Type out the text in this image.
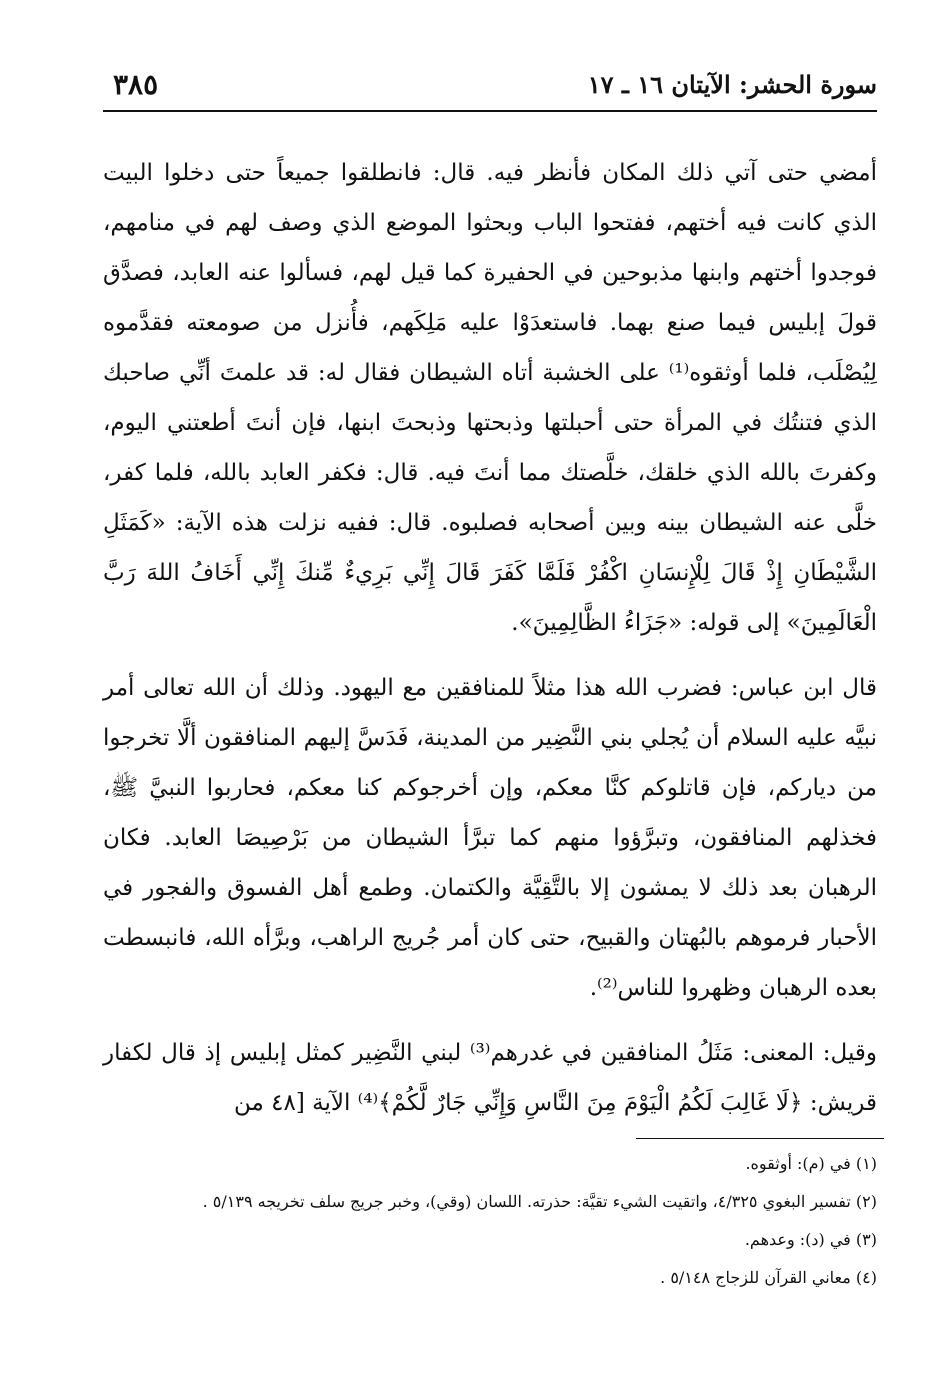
سورة الحشر: الآيتان ١٦ ـ ١٧
٣٨٥

أمضي حتى آتي ذلك المكان فأنظر فيه. قال: فانطلقوا جميعاً حتى دخلوا البيت الذي كانت فيه أختهم، ففتحوا الباب وبحثوا الموضع الذي وصف لهم في منامهم، فوجدوا أختهم وابنها مذبوحين في الحفيرة كما قيل لهم، فسألوا عنه العابد، فصدَّق قولَ إبليس فيما صنع بهما. فاستعدَوْا عليه مَلِكَهم، فأُنزل من صومعته فقدَّموه لِيُصْلَب، فلما أوثقوه⁽¹⁾ على الخشبة أتاه الشيطان فقال له: قد علمتَ أنِّي صاحبك الذي فتنتُك في المرأة حتى أحبلتها وذبحتها وذبحتَ ابنها، فإن أنتَ أطعتني اليوم، وكفرتَ بالله الذي خلقك، خلَّصتك مما أنتَ فيه. قال: فكفر العابد بالله، فلما كفر، خلَّى عنه الشيطان بينه وبين أصحابه فصلبوه. قال: ففيه نزلت هذه الآية: «كَمَثَلِ الشَّيْطَانِ إِذْ قَالَ لِلْإِنسَانِ اكْفُرْ فَلَمَّا كَفَرَ قَالَ إِنِّي بَرِيءٌ مِّنكَ إِنِّي أَخَافُ اللهَ رَبَّ الْعَالَمِينَ» إلى قوله: «جَزَاءُ الظَّالِمِينَ».

قال ابن عباس: فضرب الله هذا مثلاً للمنافقين مع اليهود. وذلك أن الله تعالى أمر نبيَّه عليه السلام أن يُجلي بني النَّضِير من المدينة، فَدَسَّ إليهم المنافقون ألَّا تخرجوا من دياركم، فإن قاتلوكم كنَّا معكم، وإن أخرجوكم كنا معكم، فحاربوا النبيَّ ﷺ، فخذلهم المنافقون، وتبرَّؤوا منهم كما تبرَّأ الشيطان من بَرْصِيصَا العابد. فكان الرهبان بعد ذلك لا يمشون إلا بالتَّقِيَّة والكتمان. وطمع أهل الفسوق والفجور في الأحبار فرموهم بالبُهتان والقبيح، حتى كان أمر جُريج الراهب، وبرَّأه الله، فانبسطت بعده الرهبان وظهروا للناس⁽²⁾.

وقيل: المعنى: مَثَلُ المنافقين في غدرهم⁽³⁾ لبني النَّضِير كمثل إبليس إذ قال لكفار قريش: ﴿لَا غَالِبَ لَكُمُ الْيَوْمَ مِنَ النَّاسِ وَإِنِّي جَارٌ لَّكُمْ﴾⁽⁴⁾ الآية [٤٨ من

(١) في (م): أوثقوه.

(٢) تفسير البغوي ٤/٣٢٥، واتقيت الشيء تقيَّة: حذرته. اللسان (وقي)، وخبر جريج سلف تخريجه ٥/١٣٩ .

(٣) في (د): وعدهم.

(٤) معاني القرآن للزجاج ٥/١٤٨ .
